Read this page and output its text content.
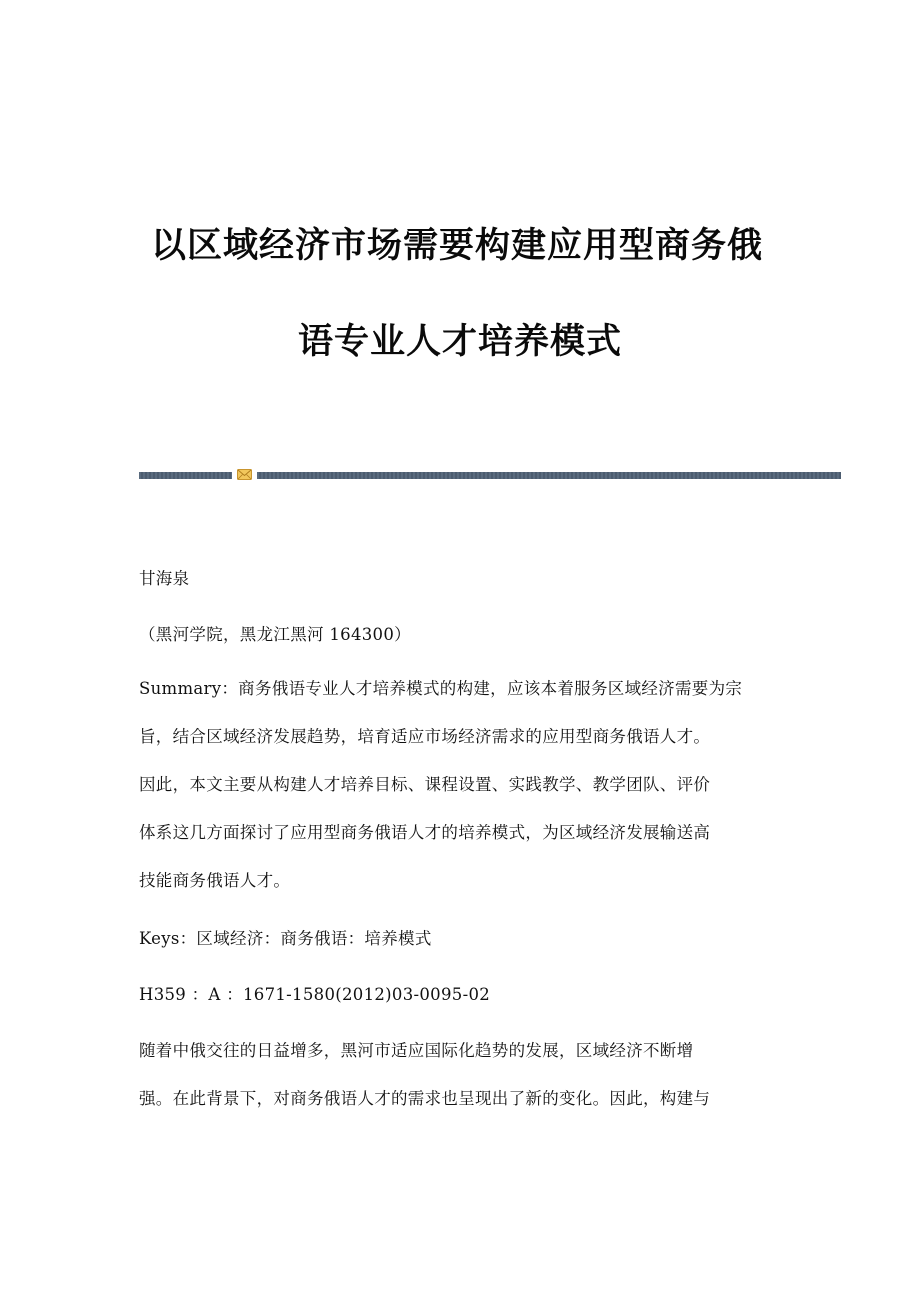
以区域经济市场需要构建应用型商务俄
语专业人才培养模式

甘海泉

（黑河学院，黑龙江黑河 164300）

Summary：商务俄语专业人才培养模式的构建，应该本着服务区域经济需要为宗
旨，结合区域经济发展趋势，培育适应市场经济需求的应用型商务俄语人才。
因此，本文主要从构建人才培养目标、课程设置、实践教学、教学团队、评价
体系这几方面探讨了应用型商务俄语人才的培养模式，为区域经济发展输送高
技能商务俄语人才。

Keys：区域经济：商务俄语：培养模式

H359 ：A ：1671-1580(2012)03-0095-02

随着中俄交往的日益增多，黑河市适应国际化趋势的发展，区域经济不断增
强。在此背景下，对商务俄语人才的需求也呈现出了新的变化。因此，构建与
